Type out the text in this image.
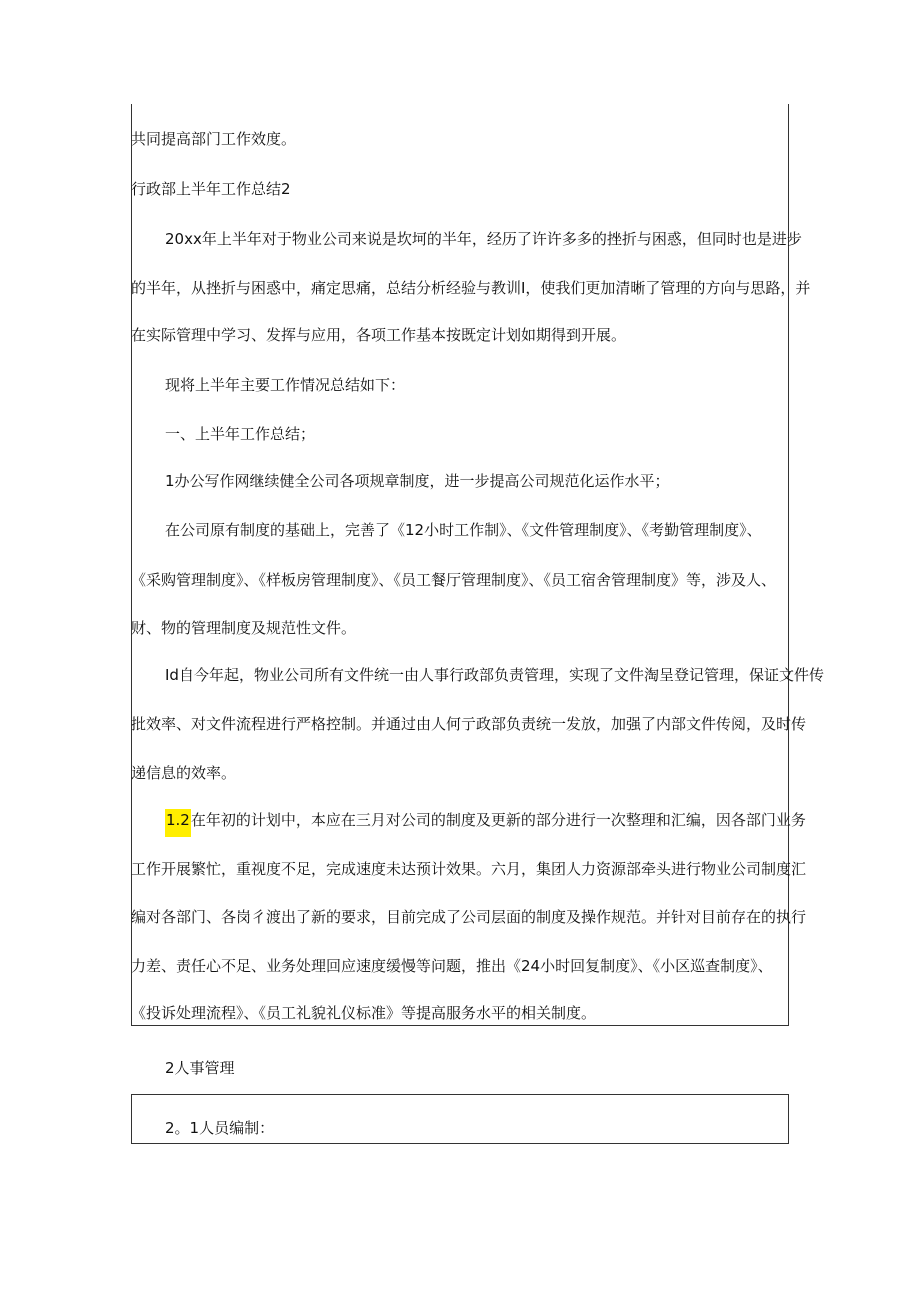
共同提高部门工作效度。
行政部上半年工作总结2
20xx年上半年对于物业公司来说是坎坷的半年，经历了许许多多的挫折与困惑，但同时也是进步
的半年，从挫折与困惑中，痛定思痛，总结分析经验与教训I，使我们更加清晰了管理的方向与思路，并
在实际管理中学习、发挥与应用，各项工作基本按既定计划如期得到开展。
现将上半年主要工作情况总结如下：
一、上半年工作总结；
1办公写作网继续健全公司各项规章制度，进一步提高公司规范化运作水平；
在公司原有制度的基础上，完善了《12小时工作制》、《文件管理制度》、《考勤管理制度》、
《采购管理制度》、《样板房管理制度》、《员工餐厅管理制度》、《员工宿舍管理制度》等，涉及人、
财、物的管理制度及规范性文件。
Id自今年起，物业公司所有文件统一由人事行政部负责管理，实现了文件淘呈登记管理，保证文件传
批效率、对文件流程进行严格控制。并通过由人何亍政部负责统一发放，加强了内部文件传阅，及时传
递信息的效率。
1.2在年初的计划中，本应在三月对公司的制度及更新的部分进行一次整理和汇编，因各部门业务
工作开展繁忙，重视度不足，完成速度未达预计效果。六月，集团人力资源部牵头进行物业公司制度汇
编对各部门、各岗彳渡出了新的要求，目前完成了公司层面的制度及操作规范。并针对目前存在的执行
力差、责任心不足、业务处理回应速度缓慢等问题，推出《24小时回复制度》、《小区巡查制度》、
《投诉处理流程》、《员工礼貌礼仪标准》等提高服务水平的相关制度。
2人事管理
2。1人员编制：
